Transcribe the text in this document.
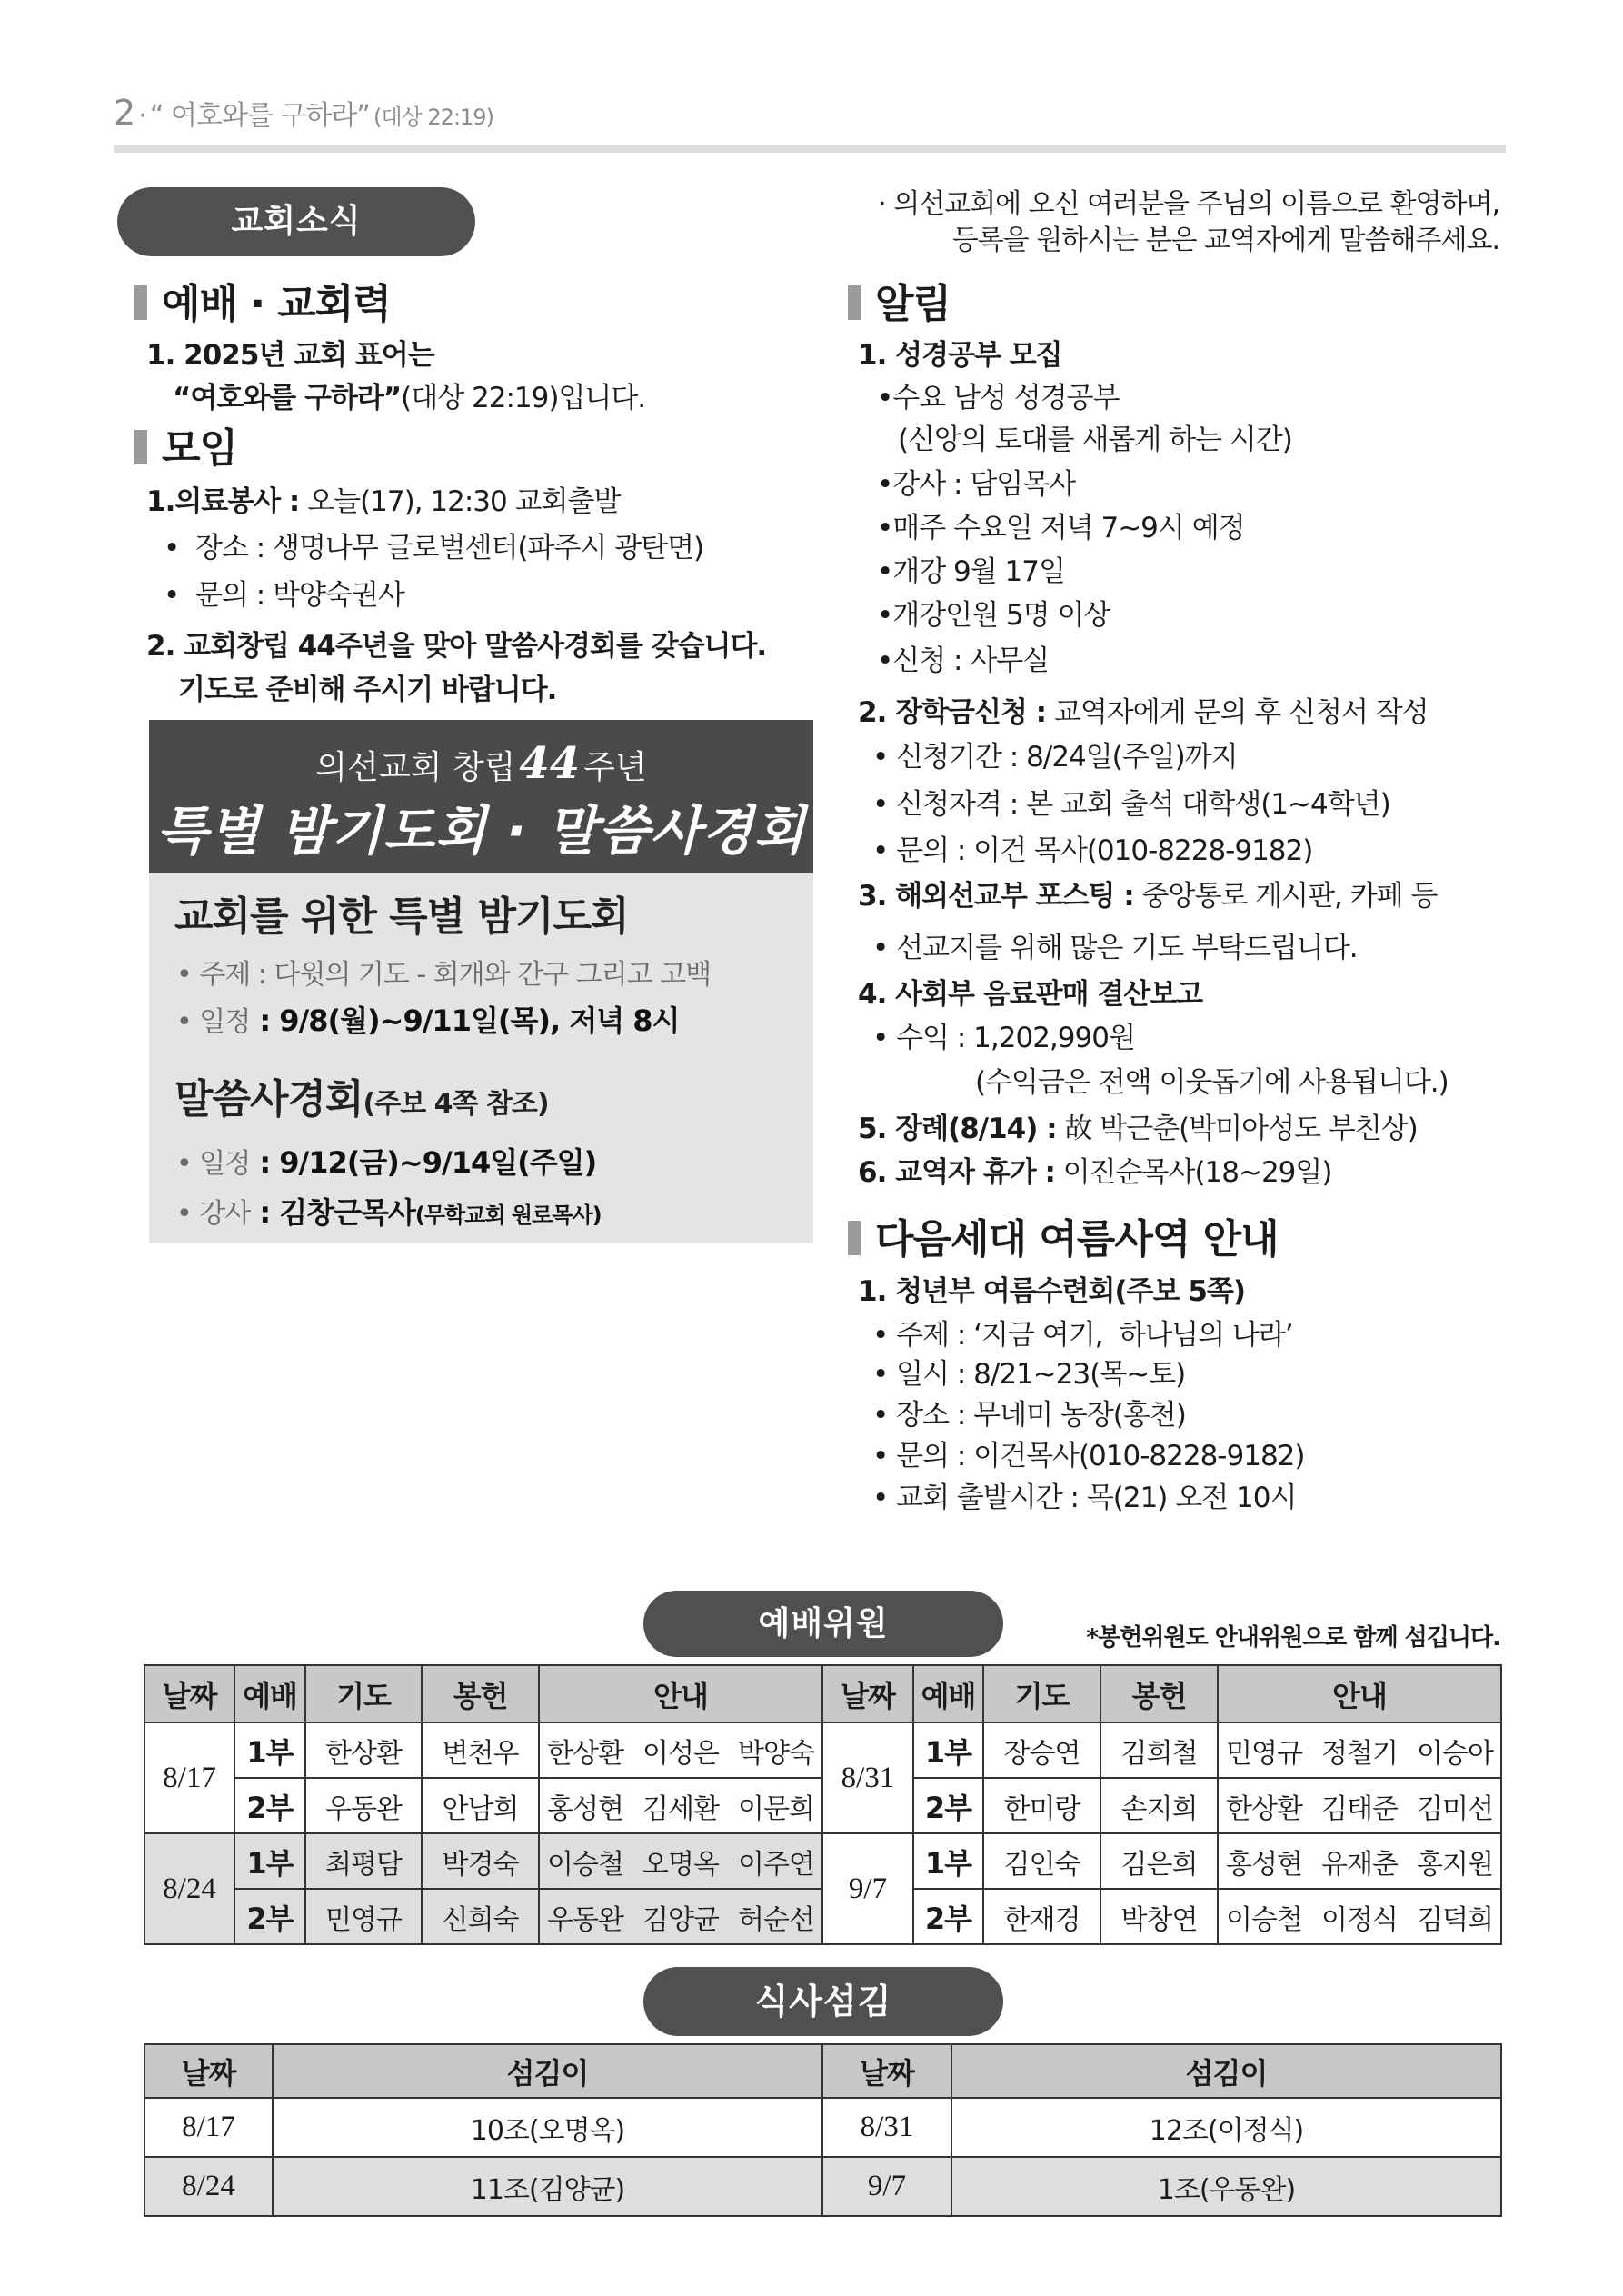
2 · “ 여호와를 구하라” (대상 22:19)
교회소식	· 의선교회에 오신 여러분을 주님의 이름으로 환영하며,
등록을 원하시는 분은 교역자에게 말씀해주세요.
예배 · 교회력
1. 2025년 교회 표어는
“여호와를 구하라”(대상 22:19)입니다.
모임
1.의료봉사 : 오늘(17), 12:30 교회출발
•  장소 : 생명나무 글로벌센터(파주시 광탄면)
•  문의 : 박양숙권사
2. 교회창립 44주년을 맞아 말씀사경회를 갖습니다.
기도로 준비해 주시기 바랍니다.
의선교회 창립44 주년
특별 밤기도회 · 말씀사경회
교회를 위한 특별 밤기도회
• 주제 : 다윗의 기도 - 회개와 간구 그리고 고백
• 일정 : 9/8(월)~9/11일(목), 저녁 8시
말씀사경회(주보 4쪽 참조)
• 일정 : 9/12(금)~9/14일(주일)
• 강사 : 김창근목사(무학교회 원로목사)
알림
1. 성경공부 모집
•수요 남성 성경공부
(신앙의 토대를 새롭게 하는 시간)
•강사 : 담임목사
•매주 수요일 저녁 7~9시 예정
•개강 9월 17일
•개강인원 5명 이상
•신청 : 사무실
2. 장학금신청 : 교역자에게 문의 후 신청서 작성
• 신청기간 : 8/24일(주일)까지
• 신청자격 : 본 교회 출석 대학생(1~4학년)
• 문의 : 이건 목사(010-8228-9182)
3. 해외선교부 포스팅 : 중앙통로 게시판, 카페 등
• 선교지를 위해 많은 기도 부탁드립니다.
4. 사회부 음료판매 결산보고
• 수익 : 1,202,990원
(수익금은 전액 이웃돕기에 사용됩니다.)
5. 장례(8/14) : 故 박근춘(박미아성도 부친상)
6. 교역자 휴가 : 이진순목사(18~29일)
다음세대 여름사역 안내
1. 청년부 여름수련회(주보 5쪽)
• 주제 : ‘지금 여기,  하나님의 나라’
• 일시 : 8/21~23(목~토)
• 장소 : 무네미 농장(홍천)
• 문의 : 이건목사(010-8228-9182)
• 교회 출발시간 : 목(21) 오전 10시
예배위원	*봉헌위원도 안내위원으로 함께 섬깁니다.
날짜	예배	기도	봉헌	안내	날짜	예배	기도	봉헌	안내
8/17	1부	한상환	변천우	한상환 이성은 박양숙	8/31	1부	장승연	김희철	민영규 정철기 이승아

	2부	우동완	안남희	홍성현 김세환 이문희		2부	한미랑	손지희	한상환 김태준 김미선

8/24	1부	최평담	박경숙	이승철 오명옥 이주연	9/7	1부	김인숙	김은희	홍성현 유재춘 홍지원

	2부	민영규	신희숙	우동완 김양균 허순선		2부	한재경	박창연	이승철 이정식 김덕희
식사섬김
날짜	섬김이	날짜	섬김이
8/17	10조(오명옥)	8/31	12조(이정식)
8/24	11조(김양균)	9/7	1조(우동완)
